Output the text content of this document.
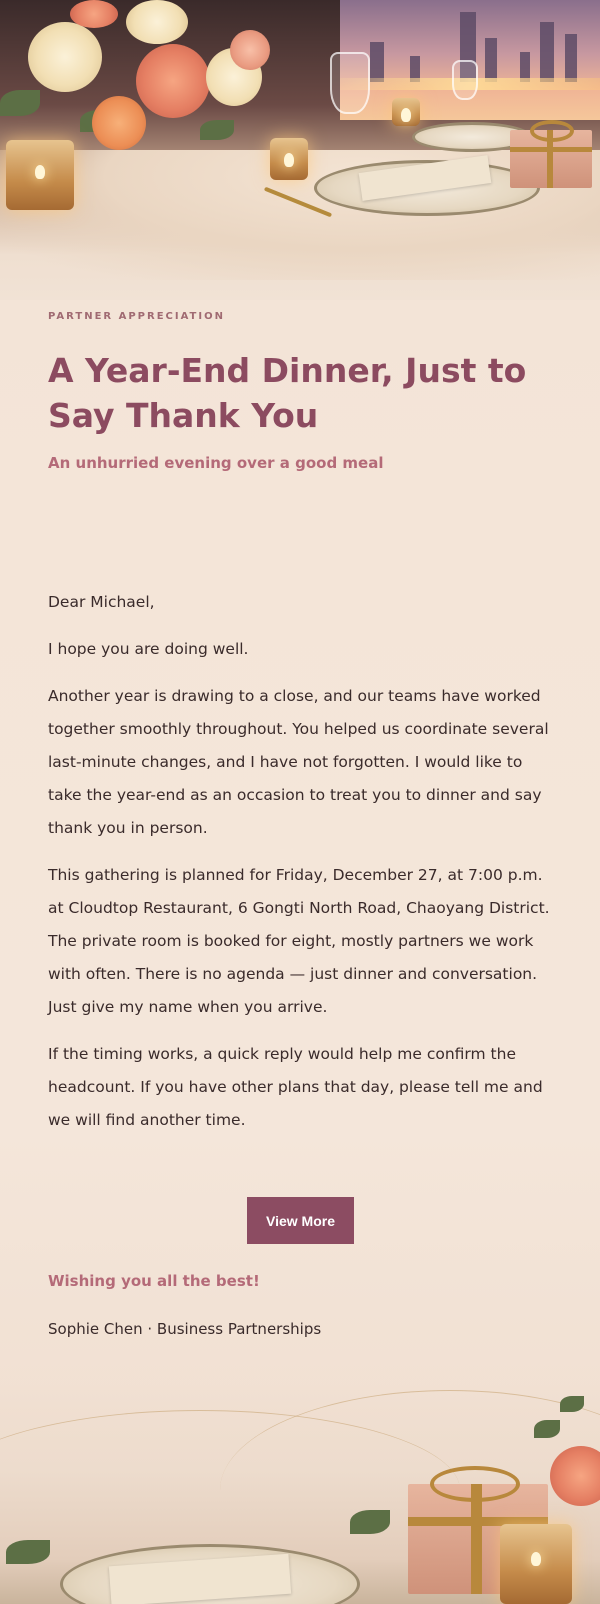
PARTNER APPRECIATION
A Year-End Dinner, Just to Say Thank You
An unhurried evening over a good meal

Dear Michael,

I hope you are doing well.

Another year is drawing to a close, and our teams have worked together smoothly throughout. You helped us coordinate several last-minute changes, and I have not forgotten. I would like to take the year-end as an occasion to treat you to dinner and say thank you in person.

This gathering is planned for Friday, December 27, at 7:00 p.m. at Cloudtop Restaurant, 6 Gongti North Road, Chaoyang District. The private room is booked for eight, mostly partners we work with often. There is no agenda — just dinner and conversation. Just give my name when you arrive.

If the timing works, a quick reply would help me confirm the headcount. If you have other plans that day, please tell me and we will find another time.

View More
Wishing you all the best!
Sophie Chen · Business Partnerships
